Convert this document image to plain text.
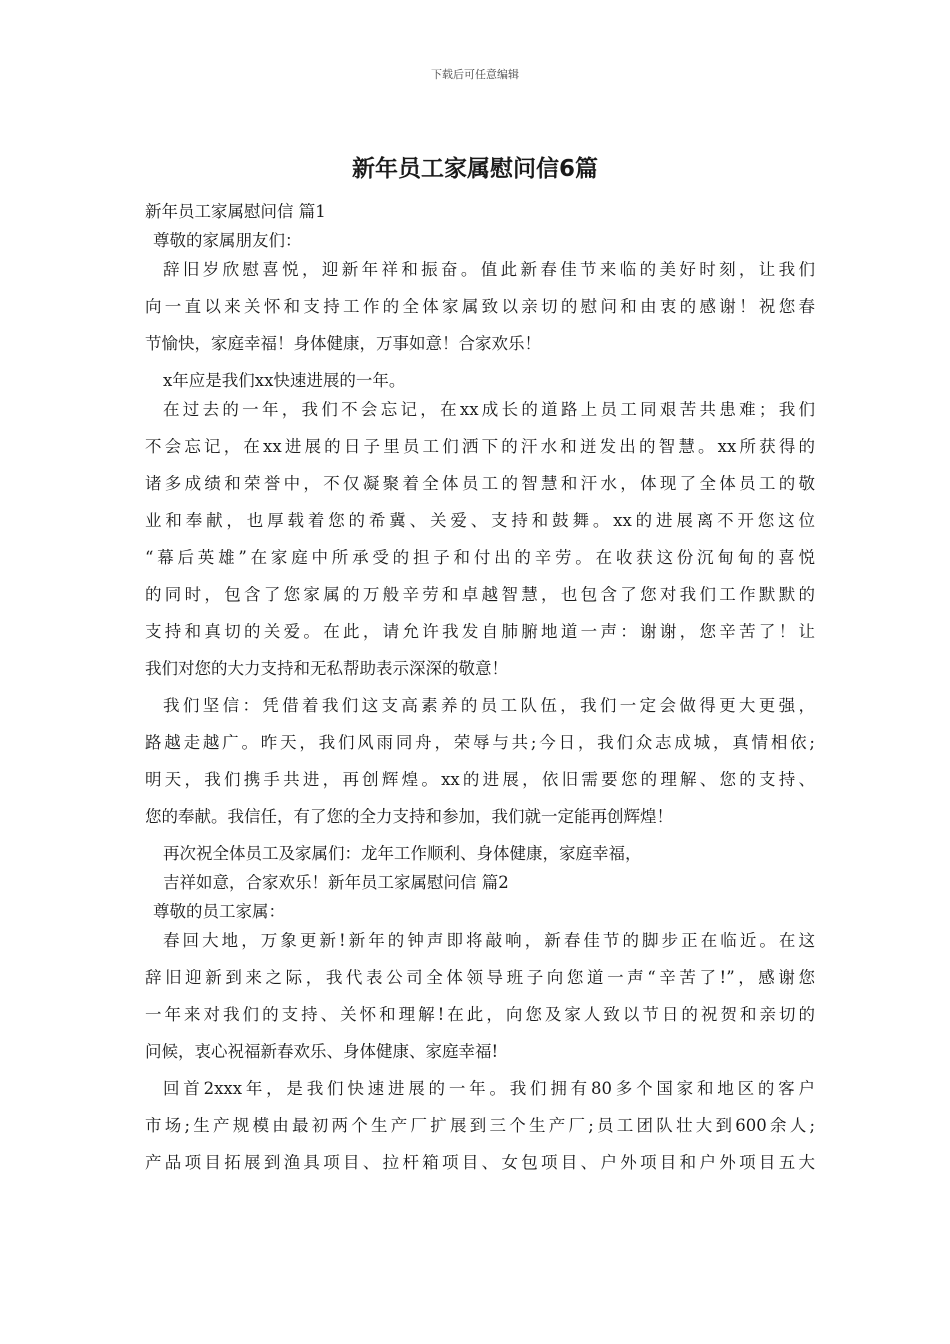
下载后可任意编辑
新年员工家属慰问信6篇

新年员工家属慰问信 篇1

尊敬的家属朋友们：

辞旧岁欣慰喜悦，迎新年祥和振奋。值此新春佳节来临的美好时刻，让我们

向一直以来关怀和支持工作的全体家属致以亲切的慰问和由衷的感谢！祝您春

节愉快，家庭幸福！身体健康，万事如意！合家欢乐！

x年应是我们xx快速进展的一年。

在过去的一年，我们不会忘记，在xx成长的道路上员工同艰苦共患难；我们

不会忘记，在xx进展的日子里员工们洒下的汗水和迸发出的智慧。xx所获得的

诸多成绩和荣誉中，不仅凝聚着全体员工的智慧和汗水，体现了全体员工的敬

业和奉献，也厚载着您的希冀、关爱、支持和鼓舞。xx的进展离不开您这位

“幕后英雄”在家庭中所承受的担子和付出的辛劳。在收获这份沉甸甸的喜悦

的同时，包含了您家属的万般辛劳和卓越智慧，也包含了您对我们工作默默的

支持和真切的关爱。在此，请允许我发自肺腑地道一声：谢谢，您辛苦了！让

我们对您的大力支持和无私帮助表示深深的敬意！

我们坚信：凭借着我们这支高素养的员工队伍，我们一定会做得更大更强，

路越走越广。昨天，我们风雨同舟，荣辱与共;今日，我们众志成城，真情相依;

明天，我们携手共进，再创辉煌。xx的进展，依旧需要您的理解、您的支持、

您的奉献。我信任，有了您的全力支持和参加，我们就一定能再创辉煌！

再次祝全体员工及家属们：龙年工作顺利、身体健康，家庭幸福，

吉祥如意，合家欢乐！新年员工家属慰问信 篇2

尊敬的员工家属：

春回大地，万象更新!新年的钟声即将敲响，新春佳节的脚步正在临近。在这

辞旧迎新到来之际，我代表公司全体领导班子向您道一声“辛苦了!”，感谢您

一年来对我们的支持、关怀和理解!在此，向您及家人致以节日的祝贺和亲切的

问候，衷心祝福新春欢乐、身体健康、家庭幸福!

回首2xxx年，是我们快速进展的一年。我们拥有80多个国家和地区的客户

市场;生产规模由最初两个生产厂扩展到三个生产厂;员工团队壮大到600余人;

产品项目拓展到渔具项目、拉杆箱项目、女包项目、户外项目和户外项目五大
